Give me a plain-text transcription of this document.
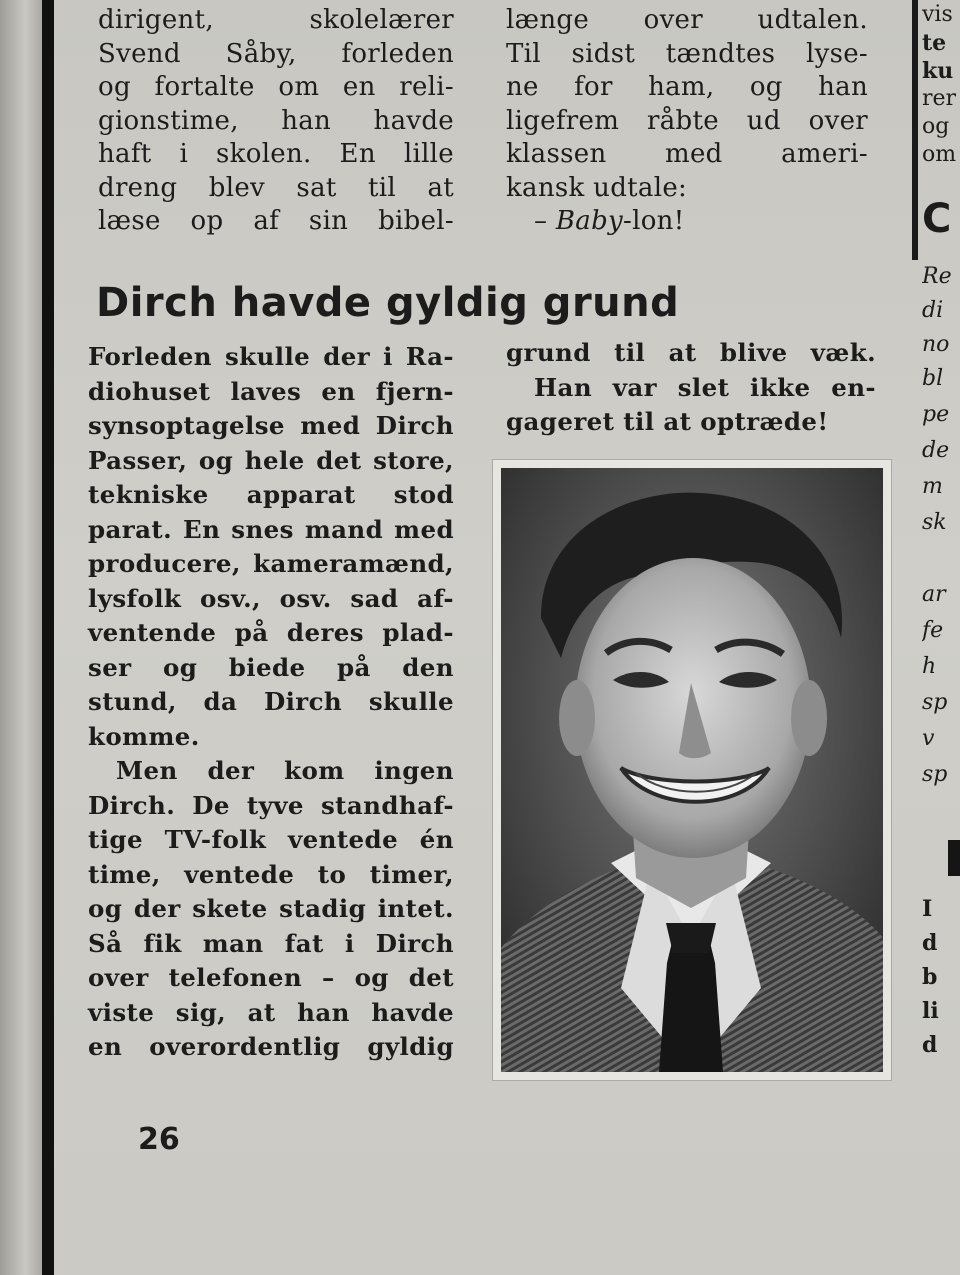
dirigent, skolelærer
Svend Såby, forleden
og fortalte om en reli-
gionstime, han havde
haft i skolen. En lille
dreng blev sat til at
læse op af sin bibel-
længe over udtalen.
Til sidst tændtes lyse-
ne for ham, og han
ligefrem råbte ud over
klassen med ameri-
kansk udtale:
– Baby-lon!
Dirch havde gyldig grund
Forleden skulle der i Ra-
diohuset laves en fjern-
synsoptagelse med Dirch
Passer, og hele det store,
tekniske apparat stod
parat. En snes mand med
producere, kameramænd,
lysfolk osv., osv. sad af-
ventende på deres plad-
ser og biede på den
stund, da Dirch skulle
komme.
Men der kom ingen
Dirch. De tyve standhaf-
tige TV-folk ventede én
time, ventede to timer,
og der skete stadig intet.
Så fik man fat i Dirch
over telefonen – og det
viste sig, at han havde
en overordentlig gyldig
grund til at blive væk.
Han var slet ikke en-
gageret til at optræde!
26
vis
te
ku
rer
og
om
C
Re
di
no
bl
pe
de
m
sk
ar
fe
h
sp
v
sp
I
d
b
li
d
